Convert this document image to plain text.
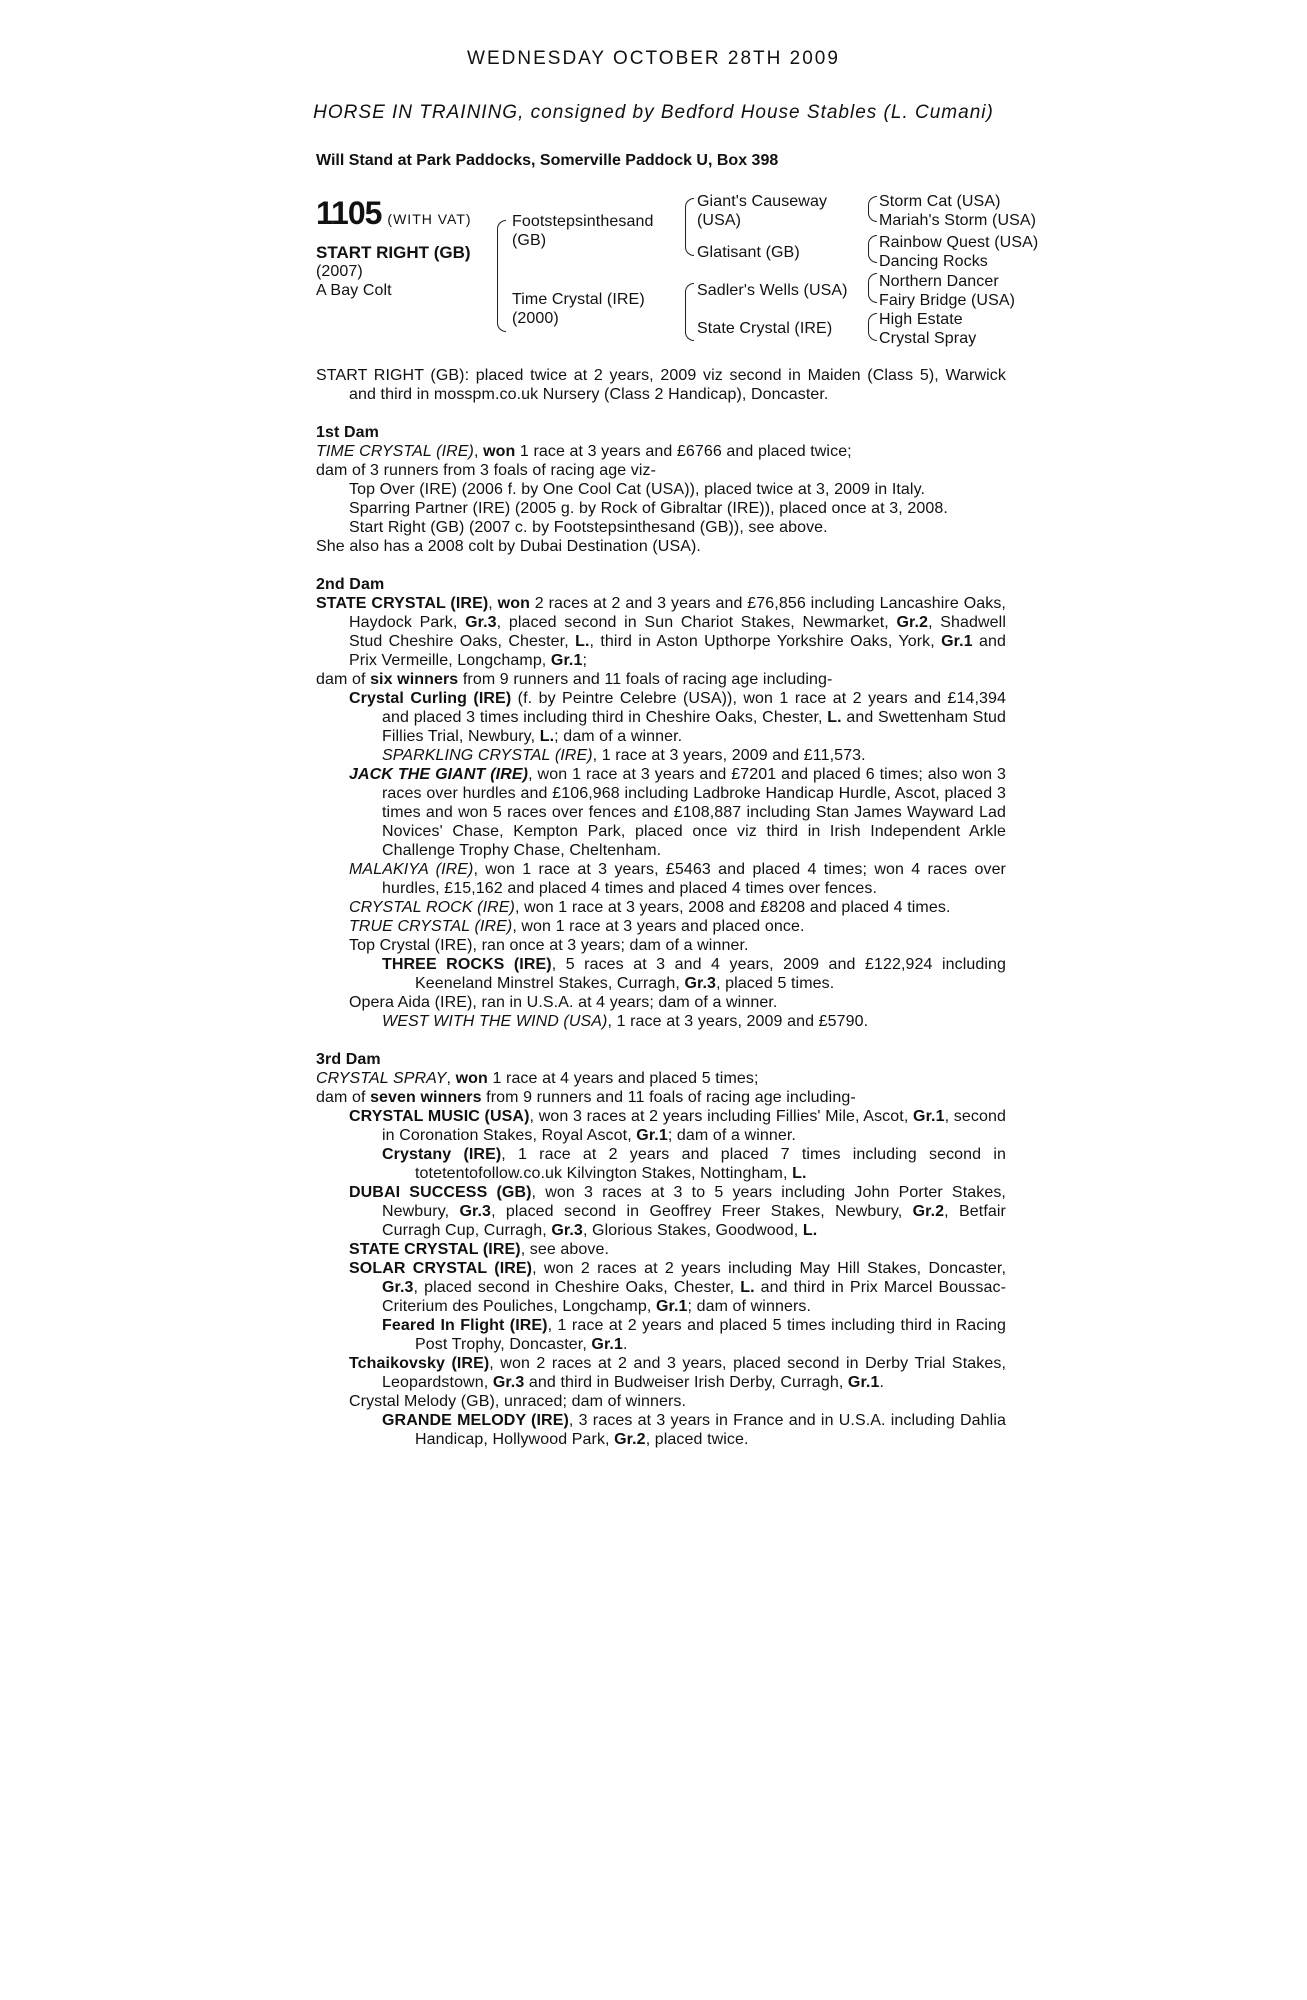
WEDNESDAY OCTOBER 28TH 2009
HORSE IN TRAINING, consigned by Bedford House Stables (L. Cumani)
Will Stand at Park Paddocks, Somerville Paddock U, Box 398
1105 (WITH VAT)
START RIGHT (GB)
(2007)
A Bay Colt
Footstepsinthesand
(GB)
Time Crystal (IRE)
(2000)
Giant's Causeway
(USA)
Glatisant (GB)
Sadler's Wells (USA)
State Crystal (IRE)
Storm Cat (USA)
Mariah's Storm (USA)
Rainbow Quest (USA)
Dancing Rocks
Northern Dancer
Fairy Bridge (USA)
High Estate
Crystal Spray

START RIGHT (GB): placed twice at 2 years, 2009 viz second in Maiden (Class 5), Warwick and third in mosspm.co.uk Nursery (Class 2 Handicap), Doncaster.

1st Dam

TIME CRYSTAL (IRE), won 1 race at 3 years and £6766 and placed twice;

dam of 3 runners from 3 foals of racing age viz-

Top Over (IRE) (2006 f. by One Cool Cat (USA)), placed twice at 3, 2009 in Italy.

Sparring Partner (IRE) (2005 g. by Rock of Gibraltar (IRE)), placed once at 3, 2008.

Start Right (GB) (2007 c. by Footstepsinthesand (GB)), see above.

She also has a 2008 colt by Dubai Destination (USA).

2nd Dam

STATE CRYSTAL (IRE), won 2 races at 2 and 3 years and £76,856 including Lancashire Oaks, Haydock Park, Gr.3, placed second in Sun Chariot Stakes, Newmarket, Gr.2, Shadwell Stud Cheshire Oaks, Chester, L., third in Aston Upthorpe Yorkshire Oaks, York, Gr.1 and Prix Vermeille, Longchamp, Gr.1;

dam of six winners from 9 runners and 11 foals of racing age including-

Crystal Curling (IRE) (f. by Peintre Celebre (USA)), won 1 race at 2 years and £14,394 and placed 3 times including third in Cheshire Oaks, Chester, L. and Swettenham Stud Fillies Trial, Newbury, L.; dam of a winner.

SPARKLING CRYSTAL (IRE), 1 race at 3 years, 2009 and £11,573.

JACK THE GIANT (IRE), won 1 race at 3 years and £7201 and placed 6 times; also won 3 races over hurdles and £106,968 including Ladbroke Handicap Hurdle, Ascot, placed 3 times and won 5 races over fences and £108,887 including Stan James Wayward Lad Novices' Chase, Kempton Park, placed once viz third in Irish Independent Arkle Challenge Trophy Chase, Cheltenham.

MALAKIYA (IRE), won 1 race at 3 years, £5463 and placed 4 times; won 4 races over hurdles, £15,162 and placed 4 times and placed 4 times over fences.

CRYSTAL ROCK (IRE), won 1 race at 3 years, 2008 and £8208 and placed 4 times.

TRUE CRYSTAL (IRE), won 1 race at 3 years and placed once.

Top Crystal (IRE), ran once at 3 years; dam of a winner.

THREE ROCKS (IRE), 5 races at 3 and 4 years, 2009 and £122,924 including Keeneland Minstrel Stakes, Curragh, Gr.3, placed 5 times.

Opera Aida (IRE), ran in U.S.A. at 4 years; dam of a winner.

WEST WITH THE WIND (USA), 1 race at 3 years, 2009 and £5790.

3rd Dam

CRYSTAL SPRAY, won 1 race at 4 years and placed 5 times;

dam of seven winners from 9 runners and 11 foals of racing age including-

CRYSTAL MUSIC (USA), won 3 races at 2 years including Fillies' Mile, Ascot, Gr.1, second in Coronation Stakes, Royal Ascot, Gr.1; dam of a winner.

Crystany (IRE), 1 race at 2 years and placed 7 times including second in totetentofollow.co.uk Kilvington Stakes, Nottingham, L.

DUBAI SUCCESS (GB), won 3 races at 3 to 5 years including John Porter Stakes, Newbury, Gr.3, placed second in Geoffrey Freer Stakes, Newbury, Gr.2, Betfair Curragh Cup, Curragh, Gr.3, Glorious Stakes, Goodwood, L.

STATE CRYSTAL (IRE), see above.

SOLAR CRYSTAL (IRE), won 2 races at 2 years including May Hill Stakes, Doncaster, Gr.3, placed second in Cheshire Oaks, Chester, L. and third in Prix Marcel Boussac-Criterium des Pouliches, Longchamp, Gr.1; dam of winners.

Feared In Flight (IRE), 1 race at 2 years and placed 5 times including third in Racing Post Trophy, Doncaster, Gr.1.

Tchaikovsky (IRE), won 2 races at 2 and 3 years, placed second in Derby Trial Stakes, Leopardstown, Gr.3 and third in Budweiser Irish Derby, Curragh, Gr.1.

Crystal Melody (GB), unraced; dam of winners.

GRANDE MELODY (IRE), 3 races at 3 years in France and in U.S.A. including Dahlia Handicap, Hollywood Park, Gr.2, placed twice.
